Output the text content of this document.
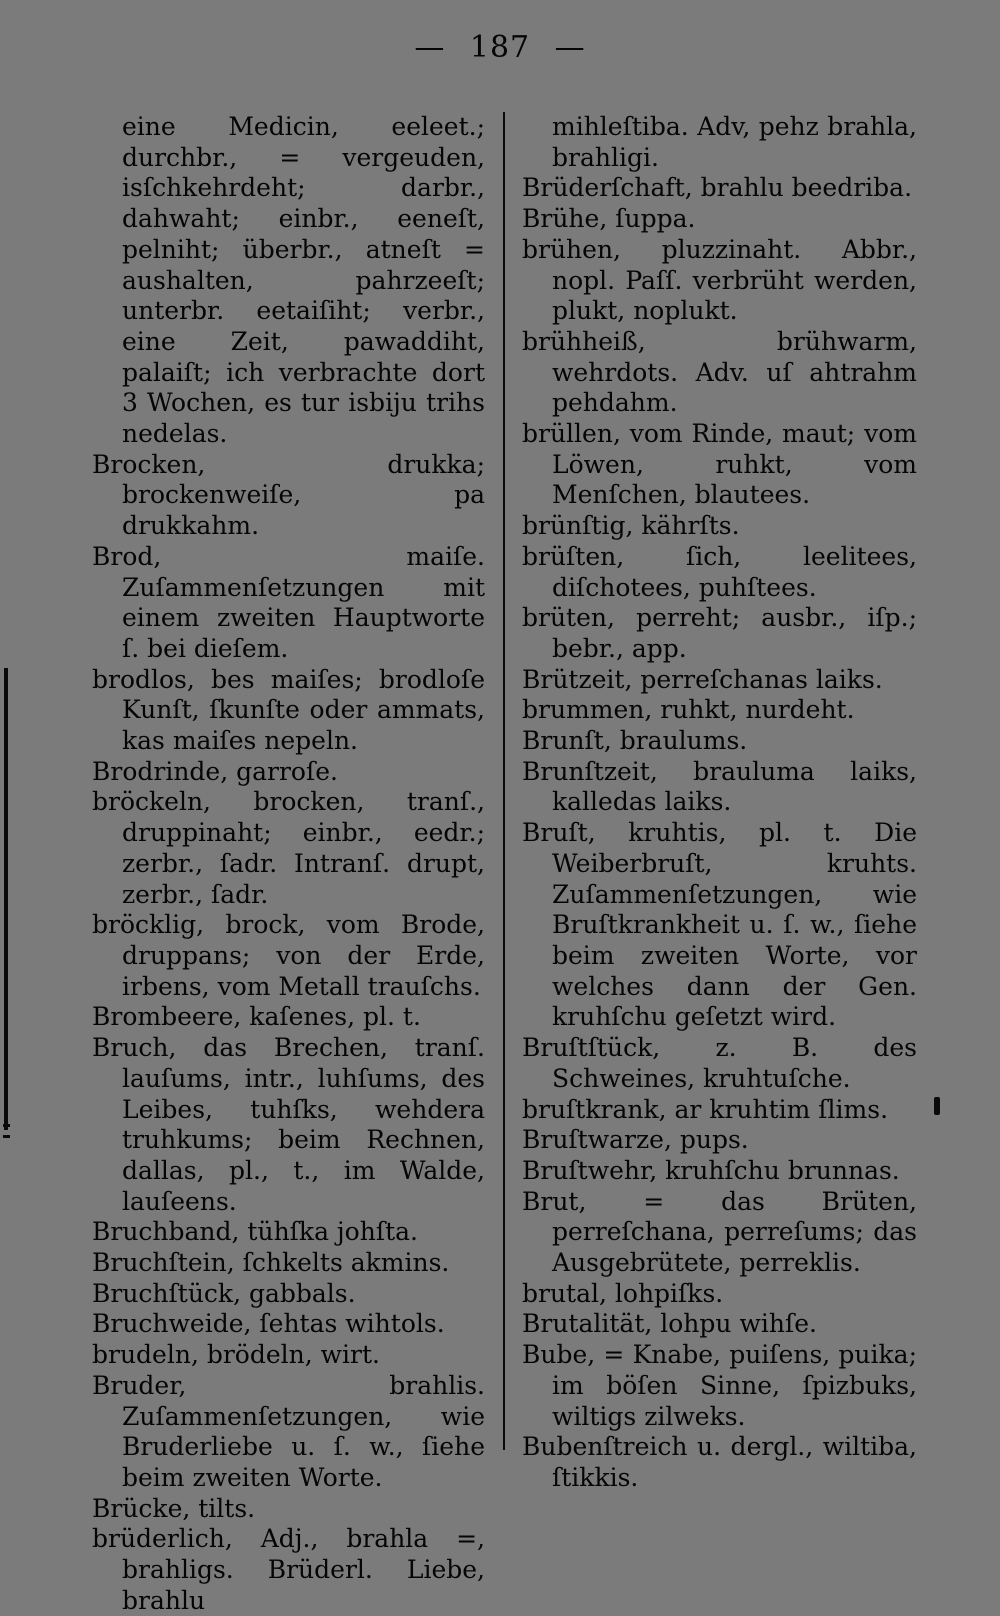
— 187 —
eine Medicin, eeleet.; durchbr., = vergeuden, isſchkehrdeht; darbr., dahwaht; einbr., eeneſt, pelniht; überbr., atneſt = aushalten, pahrzeeſt; unterbr. eetaiſiht; verbr., eine Zeit, pawaddiht, palaiſt; ich verbrachte dort 3 Wochen, es tur isbiju trihs nedelas.
Brocken, drukka; brockenweiſe, pa drukkahm.
Brod, maiſe. Zuſammenſetzungen mit einem zweiten Hauptworte ſ. bei dieſem.
brodlos, bes maiſes; brodloſe Kunſt, ſkunſte oder ammats, kas maiſes nepeln.
Brodrinde, garroſe.
bröckeln, brocken, tranſ., druppinaht; einbr., eedr.; zerbr., ſadr. Intranſ. drupt, zerbr., ſadr.
bröcklig, brock, vom Brode, druppans; von der Erde, irbens, vom Metall trauſchs.
Brombeere, kaſenes, pl. t.
Bruch, das Brechen, tranſ. lauſums, intr., luhſums, des Leibes, tuhſks, wehdera truhkums; beim Rechnen, dallas, pl., t., im Walde, lauſeens.
Bruchband, tühſka johſta.
Bruchſtein, ſchkelts akmins.
Bruchſtück, gabbals.
Bruchweide, ſehtas wihtols.
brudeln, brödeln, wirt.
Bruder, brahlis. Zuſammenſetzungen, wie Bruderliebe u. ſ. w., ſiehe beim zweiten Worte.
Brücke, tilts.
brüderlich, Adj., brahla =, brahligs. Brüderl. Liebe, brahlu
mihleſtiba. Adv, pehz brahla, brahligi.
Brüderſchaft, brahlu beedriba.
Brühe, ſuppa.
brühen, pluzzinaht. Abbr., nopl. Paſſ. verbrüht werden, plukt, noplukt.
brühheiß, brühwarm, wehrdots. Adv. uſ ahtrahm pehdahm.
brüllen, vom Rinde, maut; vom Löwen, ruhkt, vom Menſchen, blautees.
brünſtig, kährſts.
brüſten, ſich, leelitees, diſchotees, puhſtees.
brüten, perreht; ausbr., iſp.; bebr., app.
Brützeit, perreſchanas laiks.
brummen, ruhkt, nurdeht.
Brunſt, braulums.
Brunſtzeit, brauluma laiks, kalledas laiks.
Bruſt, kruhtis, pl. t. Die Weiberbruſt, kruhts. Zuſammenſetzungen, wie Bruſtkrankheit u. ſ. w., ſiehe beim zweiten Worte, vor welches dann der Gen. kruhſchu geſetzt wird.
Bruſtſtück, z. B. des Schweines, kruhtuſche.
bruſtkrank, ar kruhtim ſlims.
Bruſtwarze, pups.
Bruſtwehr, kruhſchu brunnas.
Brut, = das Brüten, perreſchana, perreſums; das Ausgebrütete, perreklis.
brutal, lohpiſks.
Brutalität, lohpu wihſe.
Bube, = Knabe, puiſens, puika; im böſen Sinne, ſpizbuks, wiltigs zilweks.
Bubenſtreich u. dergl., wiltiba, ſtikkis.
